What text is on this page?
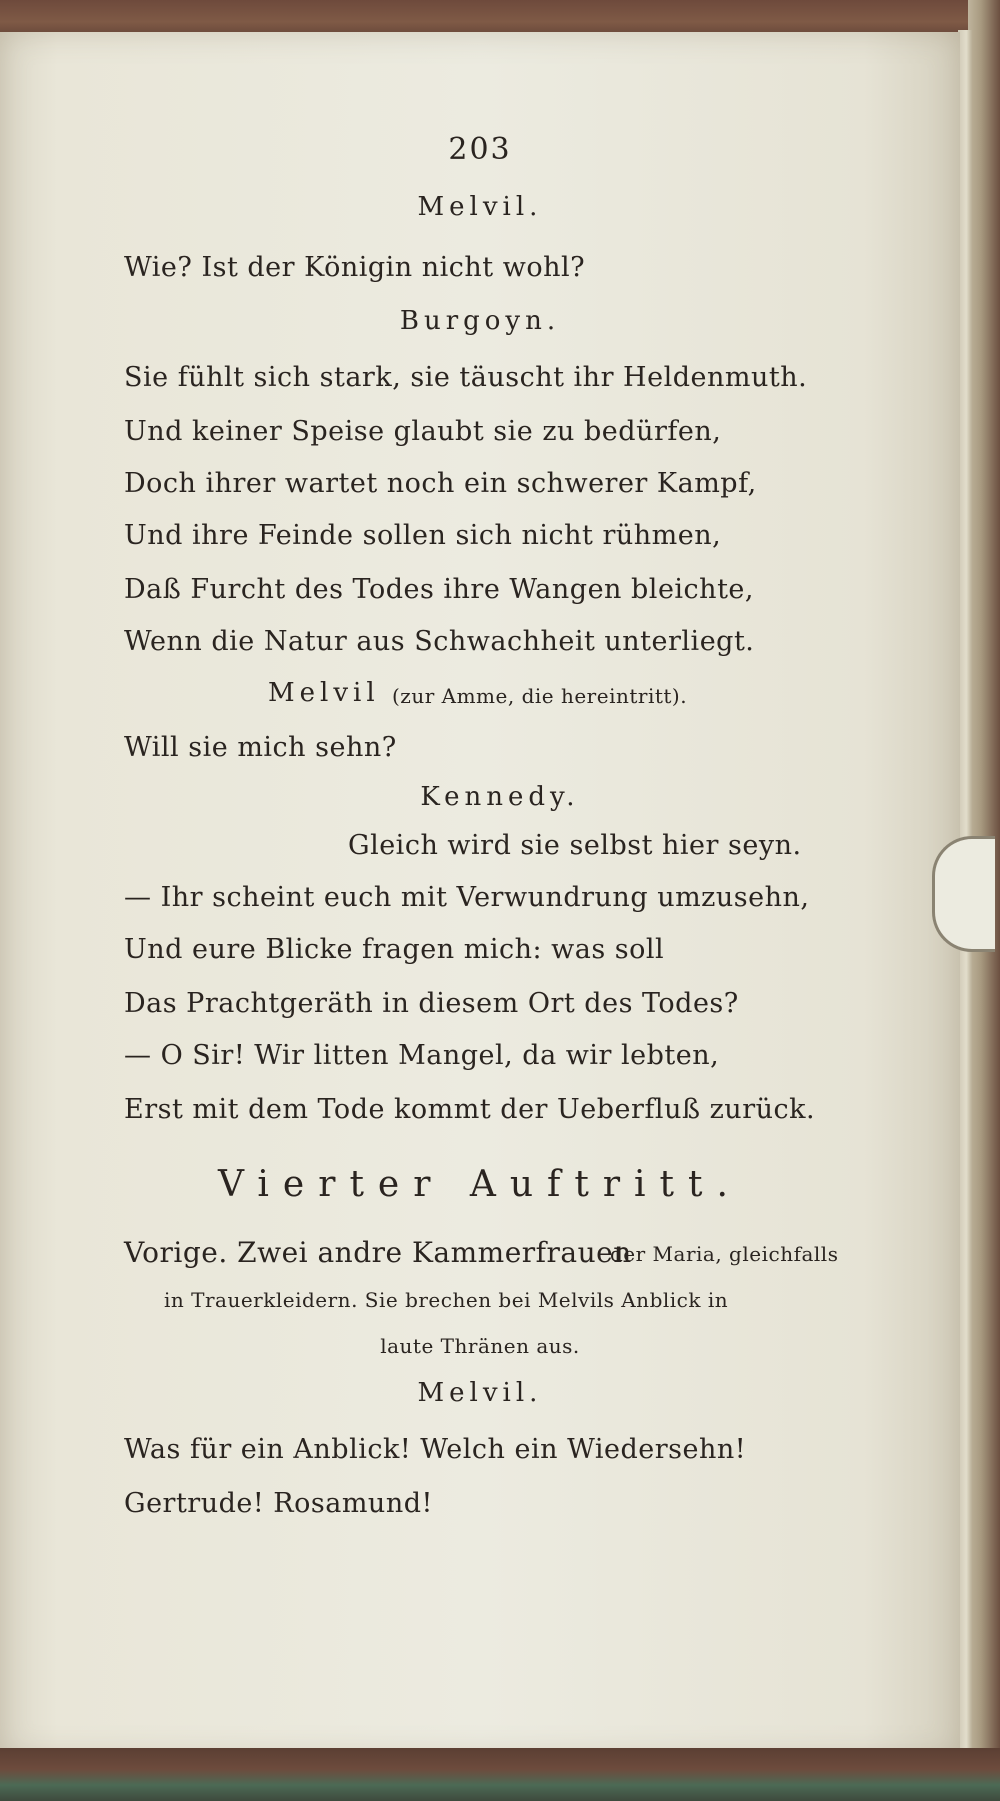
203
Melvil.
Wie? Ist der Königin nicht wohl?
Burgoyn.
Sie fühlt sich stark, sie täuscht ihr Heldenmuth.
Und keiner Speise glaubt sie zu bedürfen,
Doch ihrer wartet noch ein schwerer Kampf,
Und ihre Feinde sollen sich nicht rühmen,
Daß Furcht des Todes ihre Wangen bleichte,
Wenn die Natur aus Schwachheit unterliegt.
Melvil (zur Amme, die hereintritt).
Will sie mich sehn?
Kennedy.
Gleich wird sie selbst hier seyn.
— Ihr scheint euch mit Verwundrung umzusehn,
Und eure Blicke fragen mich: was soll
Das Prachtgeräth in diesem Ort des Todes?
— O Sir! Wir litten Mangel, da wir lebten,
Erst mit dem Tode kommt der Ueberfluß zurück.
Vierter Auftritt.
Vorige. Zwei andre Kammerfrauen
der Maria, gleichfalls
in Trauerkleidern. Sie brechen bei Melvils Anblick in
laute Thränen aus.
Melvil.
Was für ein Anblick! Welch ein Wiedersehn!
Gertrude! Rosamund!
